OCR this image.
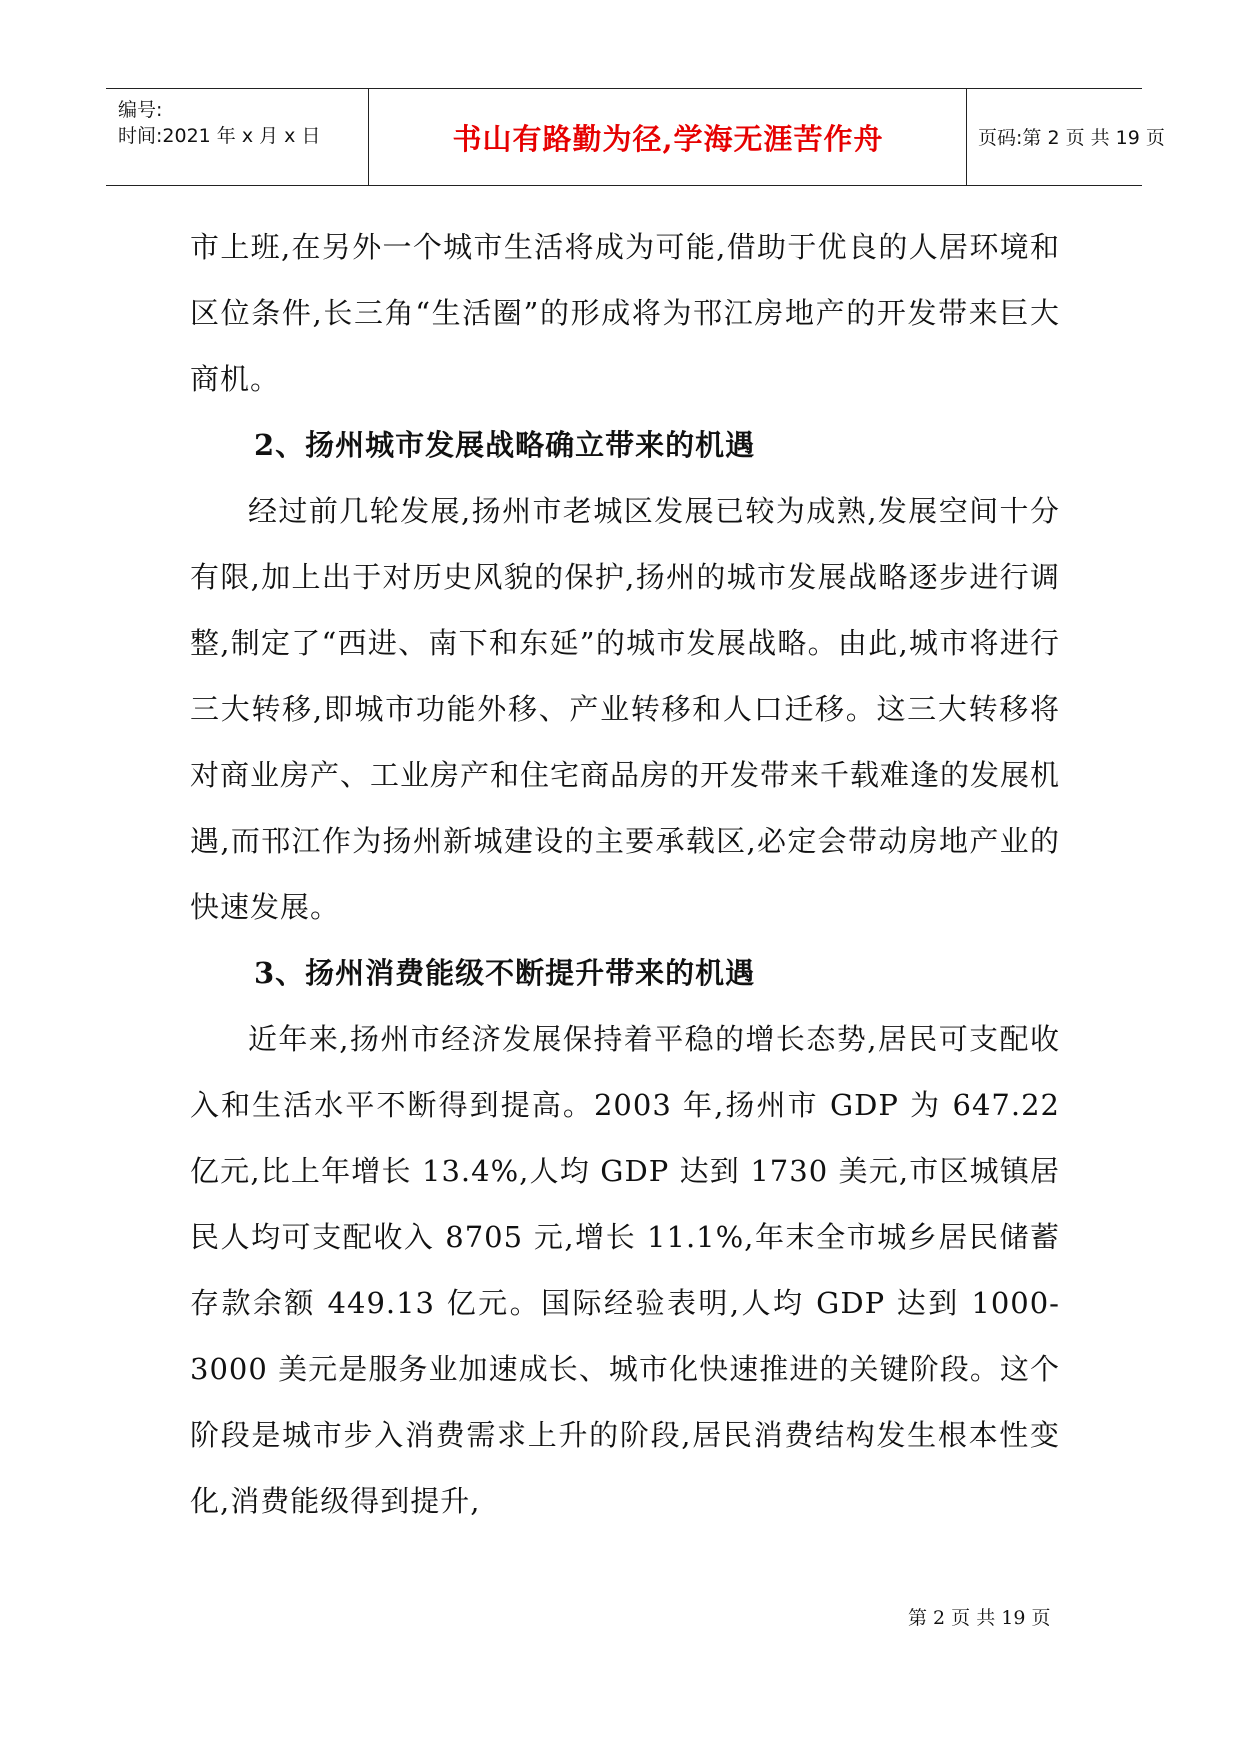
编号:
时间:2021 年 x 月 x 日	书山有路勤为径,学海无涯苦作舟	页码:第 2 页 共 19 页

市上班,在另外一个城市生活将成为可能,借助于优良的人居环境和区位条件,长三角“生活圈”的形成将为邗江房地产的开发带来巨大商机。

2、扬州城市发展战略确立带来的机遇

经过前几轮发展,扬州市老城区发展已较为成熟,发展空间十分有限,加上出于对历史风貌的保护,扬州的城市发展战略逐步进行调整,制定了“西进、南下和东延”的城市发展战略。由此,城市将进行三大转移,即城市功能外移、产业转移和人口迁移。这三大转移将对商业房产、工业房产和住宅商品房的开发带来千载难逢的发展机遇,而邗江作为扬州新城建设的主要承载区,必定会带动房地产业的快速发展。

3、扬州消费能级不断提升带来的机遇

近年来,扬州市经济发展保持着平稳的增长态势,居民可支配收入和生活水平不断得到提高。2003 年,扬州市 GDP 为 647.22 亿元,比上年增长 13.4%,人均 GDP 达到 1730 美元,市区城镇居民人均可支配收入 8705 元,增长 11.1%,年末全市城乡居民储蓄存款余额 449.13 亿元。国际经验表明,人均 GDP 达到 1000-3000 美元是服务业加速成长、城市化快速推进的关键阶段。这个阶段是城市步入消费需求上升的阶段,居民消费结构发生根本性变化,消费能级得到提升,

第 2 页 共 19 页
